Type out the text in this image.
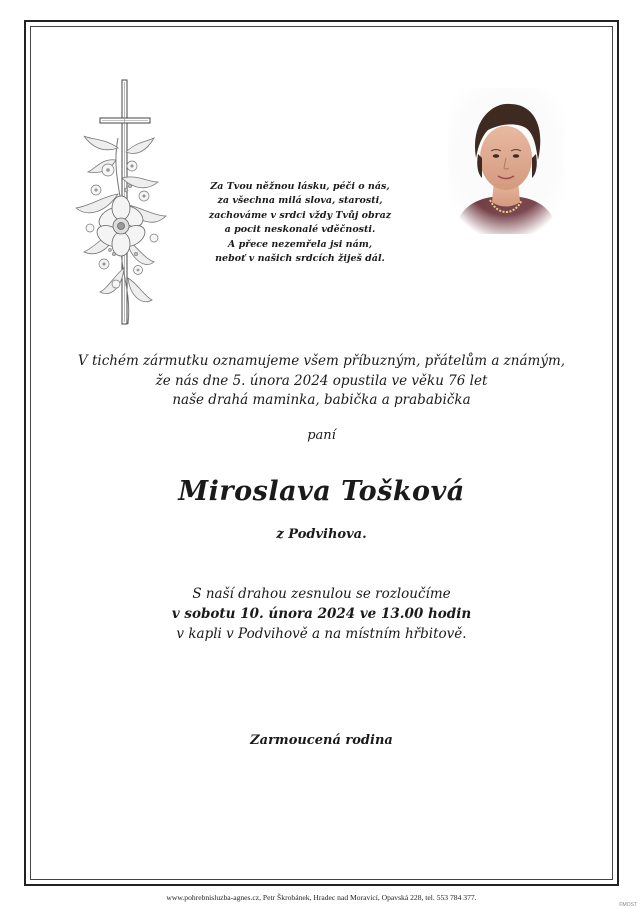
Za Tvou něžnou lásku, péči o nás,
za všechna milá slova, starosti,
zachováme v srdci vždy Tvůj obraz
a pocit neskonalé vděčnosti.
A přece nezemřela jsi nám,
neboť v našich srdcích žiješ dál.
V tichém zármutku oznamujeme všem příbuzným, přátelům a známým,
že nás dne 5. února 2024 opustila ve věku 76 let
naše drahá maminka, babička a prababička
paní
Miroslava Tošková
z Podvihova.
S naší drahou zesnulou se rozloučíme
v sobotu 10. února 2024 ve 13.00 hodin
v kapli v Podvihově a na místním hřbitově.
Zarmoucená rodina
www.pohrebnisluzba-agnes.cz, Petr Škrobánek, Hradec nad Moravicí, Opavská 228, tel. 553 784 377.
©MOST
